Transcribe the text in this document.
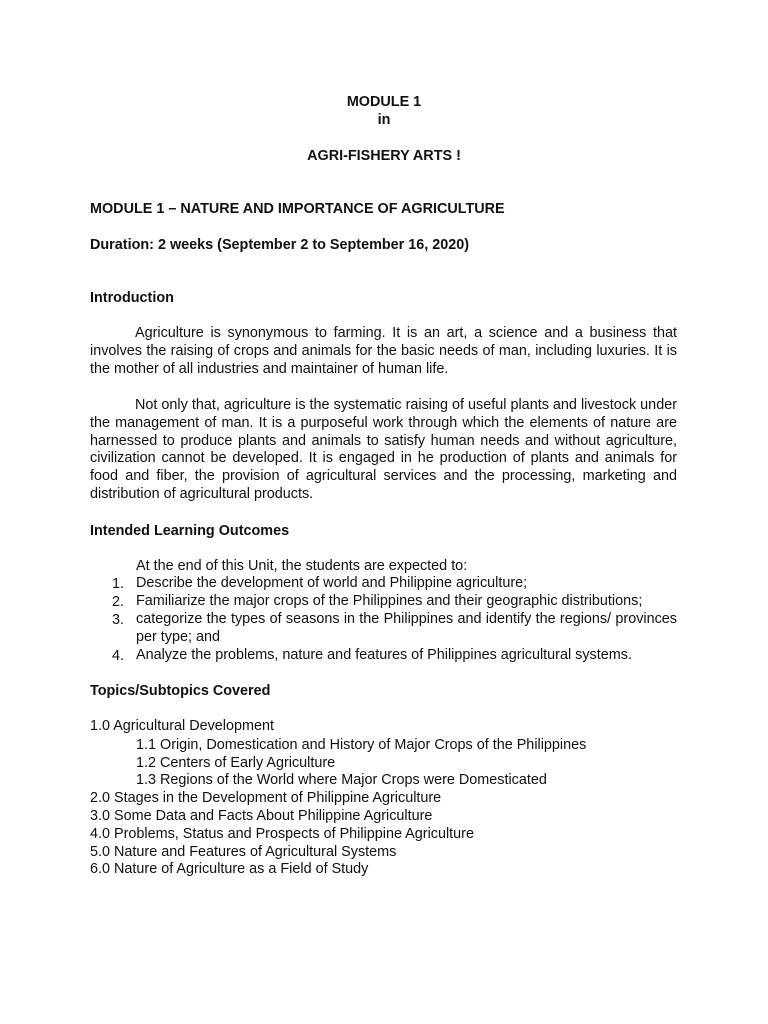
MODULE 1
in
AGRI-FISHERY ARTS !
MODULE 1 – NATURE AND IMPORTANCE OF AGRICULTURE
Duration: 2 weeks (September 2 to September 16, 2020)
Introduction
Agriculture is synonymous to farming. It is an art, a science and a business that involves the raising of crops and animals for the basic needs of man, including luxuries. It is the mother of all industries and maintainer of human life.
Not only that, agriculture is the systematic raising of useful plants and livestock under the management of man. It is a purposeful work through which the elements of nature are harnessed to produce plants and animals to satisfy human needs and without agriculture, civilization cannot be developed. It is engaged in he production of plants and animals for food and fiber, the provision of agricultural services and the processing, marketing and distribution of agricultural products.
Intended Learning Outcomes
At the end of this Unit, the students are expected to:
1. Describe the development of world and Philippine agriculture;
2. Familiarize the major crops of the Philippines and their geographic distributions;
3. categorize the types of seasons in the Philippines and identify the regions/ provinces per type; and
4. Analyze the problems, nature and features of Philippines agricultural systems.
Topics/Subtopics Covered
1.0 Agricultural Development
1.1 Origin, Domestication and History of Major Crops of the Philippines
1.2 Centers of Early Agriculture
1.3 Regions of the World where Major Crops were Domesticated
2.0 Stages in the Development of Philippine Agriculture
3.0 Some Data and Facts About Philippine Agriculture
4.0 Problems, Status and Prospects of Philippine Agriculture
5.0 Nature and Features of Agricultural Systems
6.0 Nature of Agriculture as a Field of Study
